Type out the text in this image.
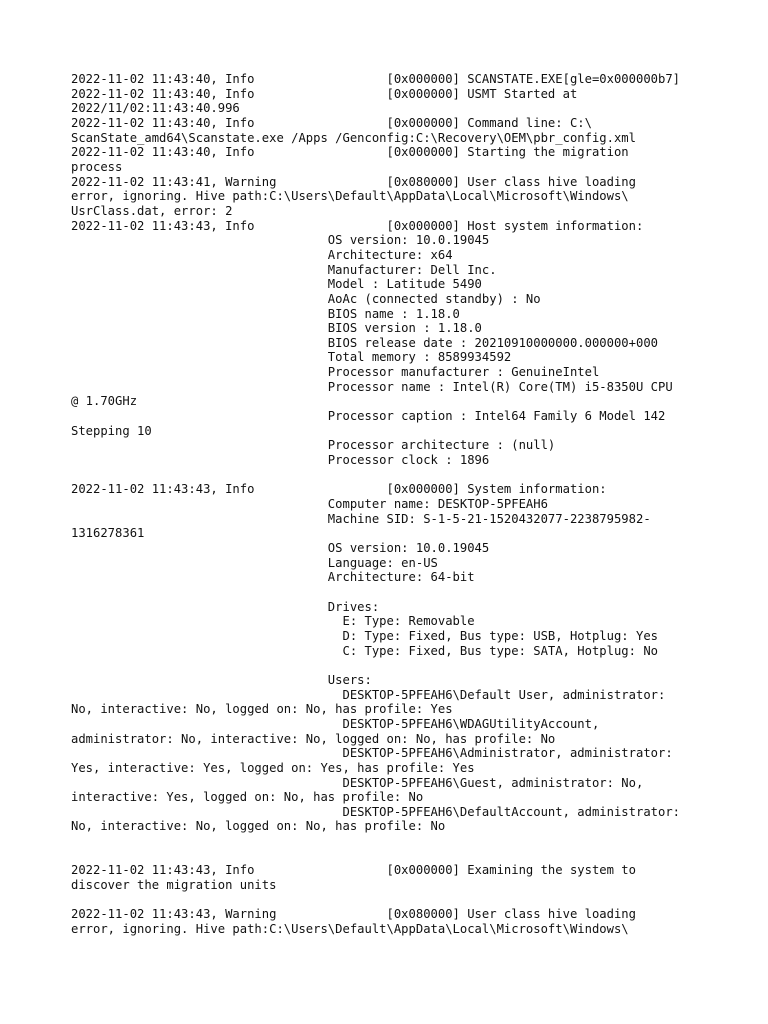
2022-11-02 11:43:40, Info                  [0x000000] SCANSTATE.EXE[gle=0x000000b7]
2022-11-02 11:43:40, Info                  [0x000000] USMT Started at
2022/11/02:11:43:40.996
2022-11-02 11:43:40, Info                  [0x000000] Command line: C:\
ScanState_amd64\Scanstate.exe /Apps /Genconfig:C:\Recovery\OEM\pbr_config.xml
2022-11-02 11:43:40, Info                  [0x000000] Starting the migration
process
2022-11-02 11:43:41, Warning               [0x080000] User class hive loading
error, ignoring. Hive path:C:\Users\Default\AppData\Local\Microsoft\Windows\
UsrClass.dat, error: 2
2022-11-02 11:43:43, Info                  [0x000000] Host system information:
OS version: 10.0.19045
Architecture: x64
Manufacturer: Dell Inc.
Model : Latitude 5490
AoAc (connected standby) : No
BIOS name : 1.18.0
BIOS version : 1.18.0
BIOS release date : 20210910000000.000000+000
Total memory : 8589934592
Processor manufacturer : GenuineIntel
Processor name : Intel(R) Core(TM) i5-8350U CPU
@ 1.70GHz
Processor caption : Intel64 Family 6 Model 142
Stepping 10
Processor architecture : (null)
Processor clock : 1896

2022-11-02 11:43:43, Info                  [0x000000] System information:
Computer name: DESKTOP-5PFEAH6
Machine SID: S-1-5-21-1520432077-2238795982-
1316278361
OS version: 10.0.19045
Language: en-US
Architecture: 64-bit

Drives:
E: Type: Removable
D: Type: Fixed, Bus type: USB, Hotplug: Yes
C: Type: Fixed, Bus type: SATA, Hotplug: No

Users:
DESKTOP-5PFEAH6\Default User, administrator:
No, interactive: No, logged on: No, has profile: Yes
DESKTOP-5PFEAH6\WDAGUtilityAccount,
administrator: No, interactive: No, logged on: No, has profile: No
DESKTOP-5PFEAH6\Administrator, administrator:
Yes, interactive: Yes, logged on: Yes, has profile: Yes
DESKTOP-5PFEAH6\Guest, administrator: No,
interactive: Yes, logged on: No, has profile: No
DESKTOP-5PFEAH6\DefaultAccount, administrator:
No, interactive: No, logged on: No, has profile: No

2022-11-02 11:43:43, Info                  [0x000000] Examining the system to
discover the migration units

2022-11-02 11:43:43, Warning               [0x080000] User class hive loading
error, ignoring. Hive path:C:\Users\Default\AppData\Local\Microsoft\Windows\
